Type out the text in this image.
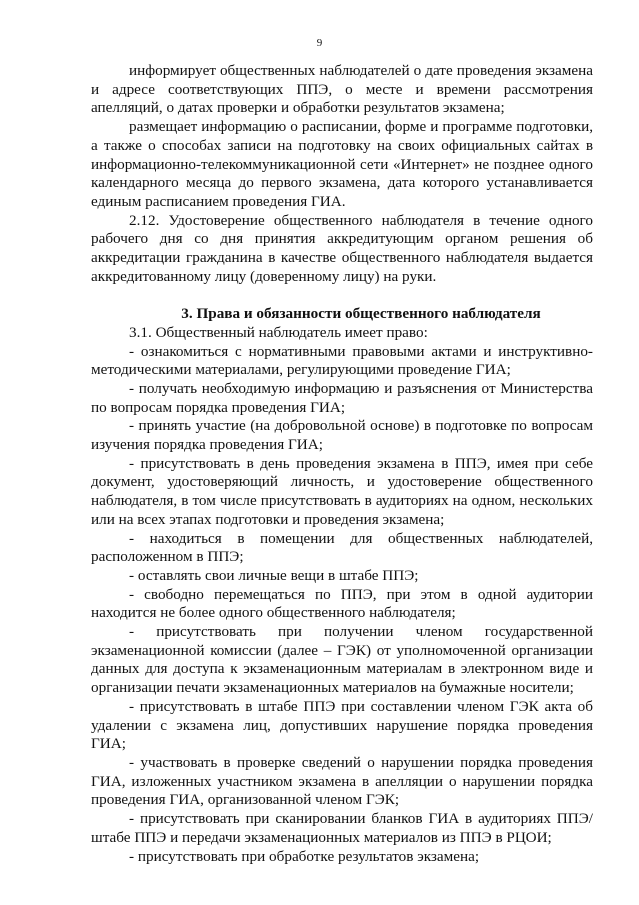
9

информирует общественных наблюдателей о дате проведения экзамена и адресе соответствующих ППЭ, о месте и времени рассмотрения апелляций, о датах проверки и обработки результатов экзамена;

размещает информацию о расписании, форме и программе подготовки, а также о способах записи на подготовку на своих официальных сайтах в информационно-телекоммуникационной сети «Интернет» не позднее одного календарного месяца до первого экзамена, дата которого устанавливается единым расписанием проведения ГИА.

2.12. Удостоверение общественного наблюдателя в течение одного рабочего дня со дня принятия аккредитующим органом решения об аккредитации гражданина в качестве общественного наблюдателя выдается аккредитованному лицу (доверенному лицу) на руки.

3. Права и обязанности общественного наблюдателя

3.1. Общественный наблюдатель имеет право:

- ознакомиться с нормативными правовыми актами и инструктивно-методическими материалами, регулирующими проведение ГИА;

- получать необходимую информацию и разъяснения от Министерства по вопросам порядка проведения ГИА;

- принять участие (на добровольной основе) в подготовке по вопросам изучения порядка проведения ГИА;

- присутствовать в день проведения экзамена в ППЭ, имея при себе документ, удостоверяющий личность, и удостоверение общественного наблюдателя, в том числе присутствовать в аудиториях на одном, нескольких или на всех этапах подготовки и проведения экзамена;

- находиться в помещении для общественных наблюдателей, расположенном в ППЭ;

- оставлять свои личные вещи в штабе ППЭ;

- свободно перемещаться по ППЭ, при этом в одной аудитории находится не более одного общественного наблюдателя;

- присутствовать при получении членом государственной экзаменационной комиссии (далее – ГЭК) от уполномоченной организации данных для доступа к экзаменационным материалам в электронном виде и организации печати экзаменационных материалов на бумажные носители;

- присутствовать в штабе ППЭ при составлении членом ГЭК акта об удалении с экзамена лиц, допустивших нарушение порядка проведения ГИА;

- участвовать в проверке сведений о нарушении порядка проведения ГИА, изложенных участником экзамена в апелляции о нарушении порядка проведения ГИА, организованной членом ГЭК;

- присутствовать при сканировании бланков ГИА в аудиториях ППЭ/штабе ППЭ и передачи экзаменационных материалов из ППЭ в РЦОИ;

- присутствовать при обработке результатов экзамена;
